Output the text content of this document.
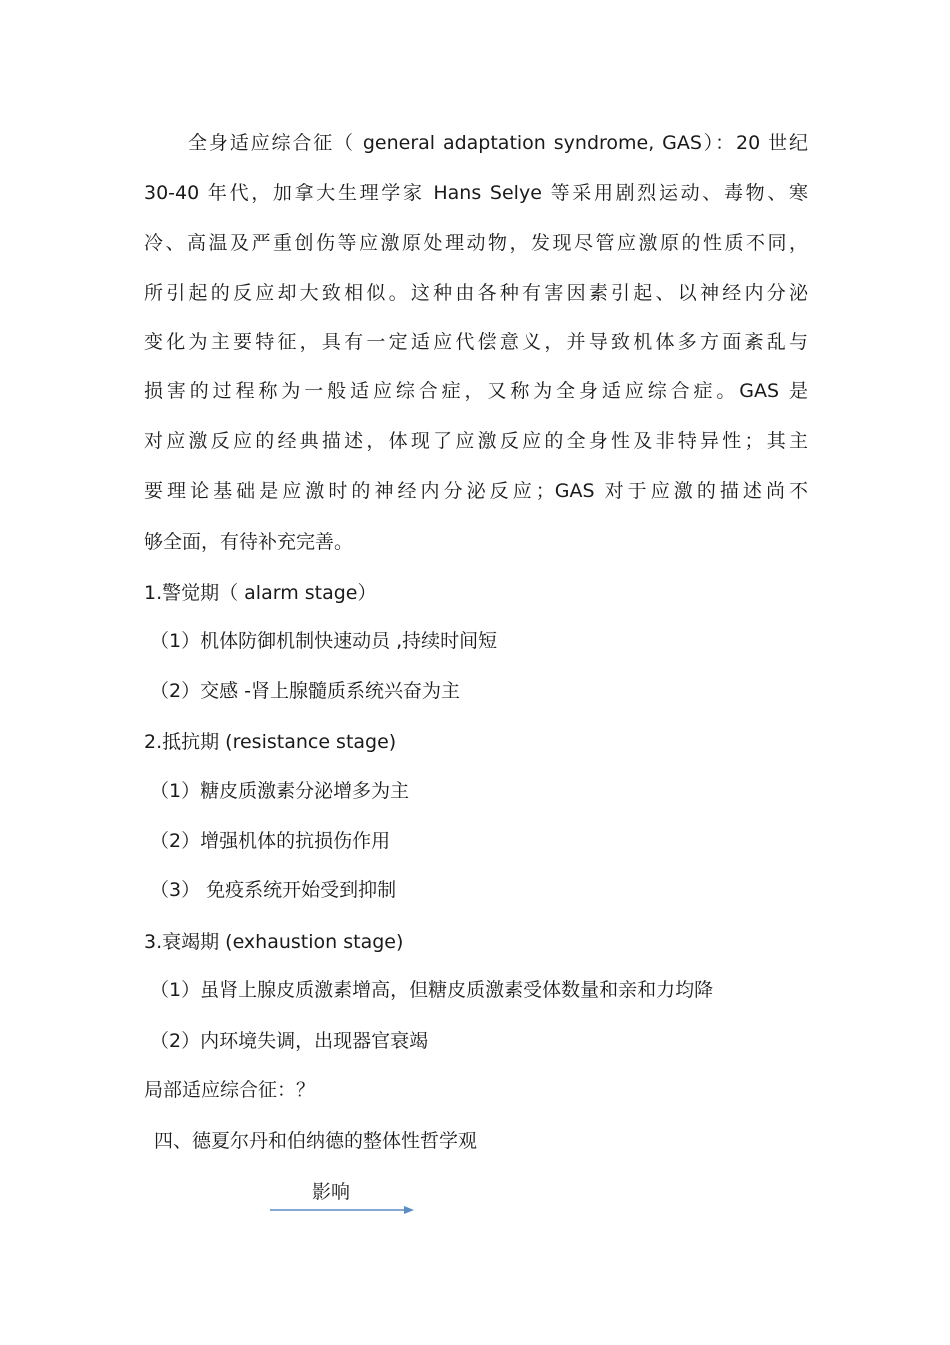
全身适应综合征（ general adaptation syndrome, GAS）：20 世纪
30-40 年代，加拿大生理学家 Hans Selye 等采用剧烈运动、毒物、寒
冷、高温及严重创伤等应激原处理动物，发现尽管应激原的性质不同，
所引起的反应却大致相似。这种由各种有害因素引起、以神经内分泌
变化为主要特征，具有一定适应代偿意义，并导致机体多方面紊乱与
损害的过程称为一般适应综合症，又称为全身适应综合症。GAS 是
对应激反应的经典描述，体现了应激反应的全身性及非特异性；其主
要理论基础是应激时的神经内分泌反应；GAS 对于应激的描述尚不
够全面，有待补充完善。
1.警觉期（ alarm stage）
（1）机体防御机制快速动员 ,持续时间短
（2）交感 -肾上腺髓质系统兴奋为主
2.抵抗期 (resistance stage)
（1）糖皮质激素分泌增多为主
（2）增强机体的抗损伤作用
（3） 免疫系统开始受到抑制
3.衰竭期 (exhaustion stage)
（1）虽肾上腺皮质激素增高，但糖皮质激素受体数量和亲和力均降
（2）内环境失调，出现器官衰竭
局部适应综合征：？
四、德夏尔丹和伯纳德的整体性哲学观
影响
